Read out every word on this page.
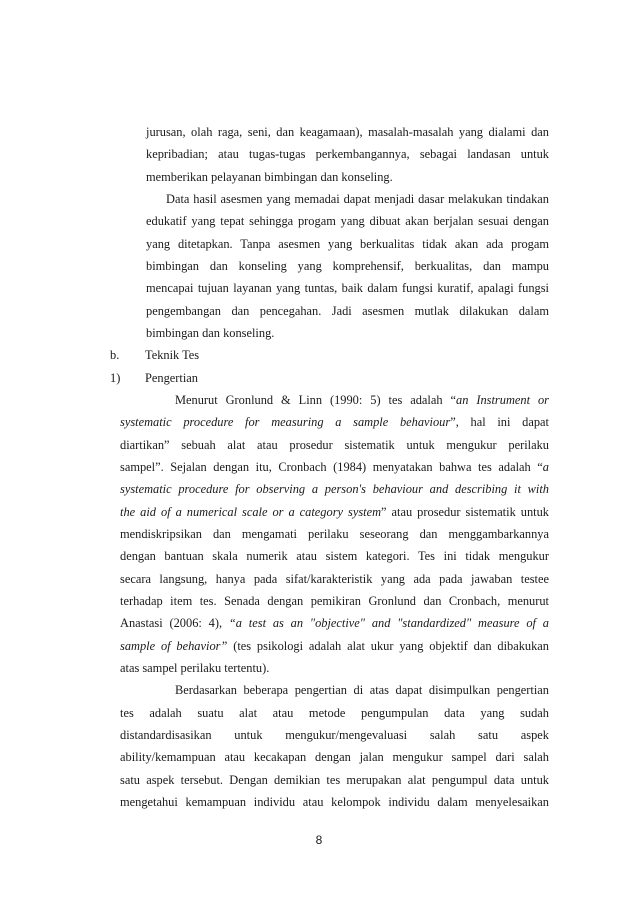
jurusan, olah raga, seni, dan keagamaan), masalah-masalah yang dialami dan
kepribadian; atau tugas-tugas perkembangannya, sebagai landasan untuk
memberikan pelayanan bimbingan dan konseling.
Data hasil asesmen yang memadai dapat menjadi dasar melakukan tindakan
edukatif yang tepat sehingga progam yang dibuat akan berjalan sesuai dengan
yang ditetapkan. Tanpa asesmen yang berkualitas tidak akan ada progam
bimbingan dan konseling yang komprehensif, berkualitas, dan mampu
mencapai tujuan layanan yang tuntas, baik dalam fungsi kuratif, apalagi fungsi
pengembangan dan pencegahan. Jadi asesmen mutlak dilakukan dalam
bimbingan dan konseling.
b. Teknik Tes
1) Pengertian
Menurut Gronlund & Linn (1990: 5) tes adalah “an Instrument or
systematic procedure for measuring a sample behaviour”, hal ini dapat
diartikan” sebuah alat atau prosedur sistematik untuk mengukur perilaku
sampel”. Sejalan dengan itu, Cronbach (1984) menyatakan bahwa tes adalah “a
systematic procedure for observing a person's behaviour and describing it with
the aid of a numerical scale or a category system” atau prosedur sistematik untuk
mendiskripsikan dan mengamati perilaku seseorang dan menggambarkannya
dengan bantuan skala numerik atau sistem kategori. Tes ini tidak mengukur
secara langsung, hanya pada sifat/karakteristik yang ada pada jawaban testee
terhadap item tes. Senada dengan pemikiran Gronlund dan Cronbach, menurut
Anastasi (2006: 4), “a test as an "objective" and "standardized" measure of a
sample of behavior” (tes psikologi adalah alat ukur yang objektif dan dibakukan
atas sampel perilaku tertentu).
Berdasarkan beberapa pengertian di atas dapat disimpulkan pengertian
tes adalah suatu alat atau metode pengumpulan data yang sudah
distandardisasikan untuk mengukur/mengevaluasi salah satu aspek
ability/kemampuan atau kecakapan dengan jalan mengukur sampel dari salah
satu aspek tersebut. Dengan demikian tes merupakan alat pengumpul data untuk
mengetahui kemampuan individu atau kelompok individu dalam menyelesaikan
8
